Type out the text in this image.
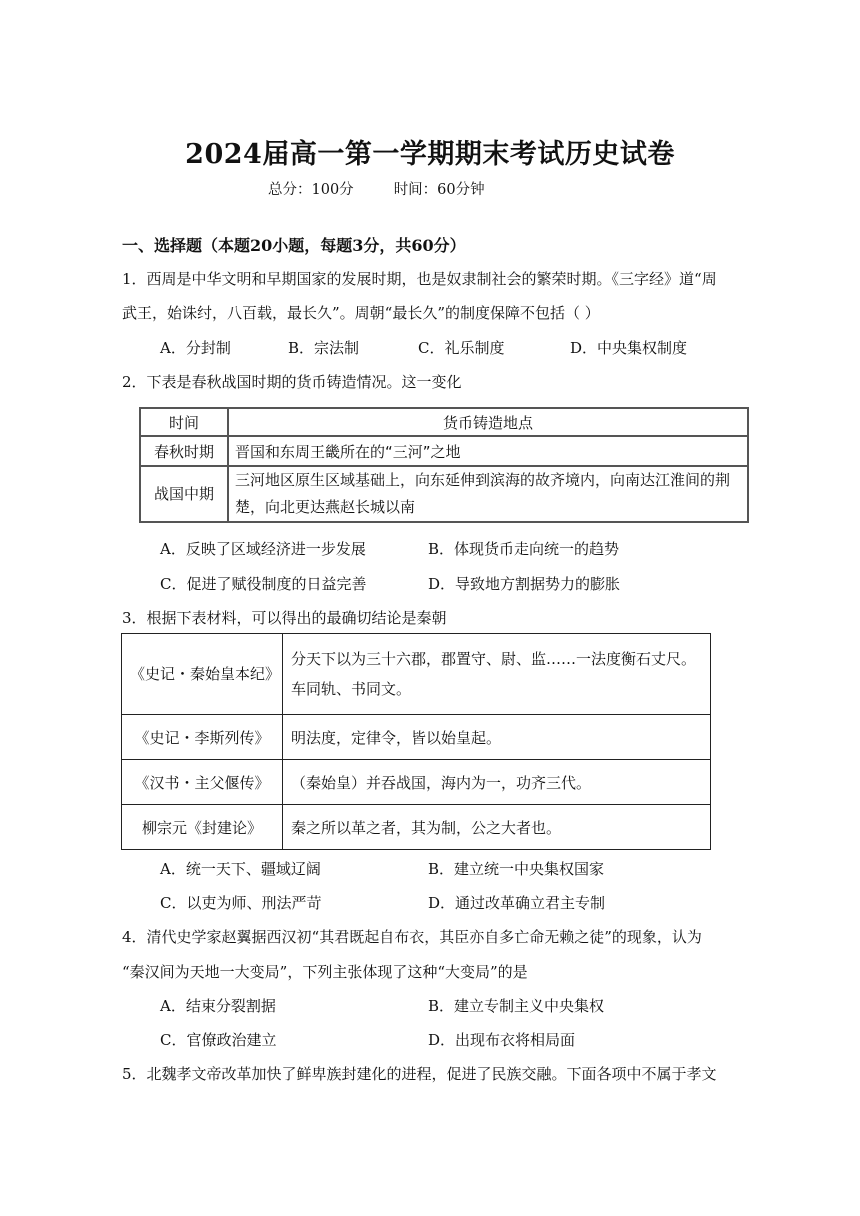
2024届高一第一学期期末考试历史试卷
总分：100分	时间：60分钟
一、选择题（本题20小题，每题3分，共60分）
1．西周是中华文明和早期国家的发展时期，也是奴隶制社会的繁荣时期。《三字经》道“周
武王，始诛纣，八百载，最长久”。周朝“最长久”的制度保障不包括（ ）
A．分封制	B．宗法制	C．礼乐制度	D．中央集权制度
2．下表是春秋战国时期的货币铸造情况。这一变化
时间	货币铸造地点
春秋时期	晋国和东周王畿所在的“三河”之地
战国中期	三河地区原生区域基础上，向东延伸到滨海的故齐境内，向南达江淮间的荆楚，向北更达燕赵长城以南
A．反映了区域经济进一步发展	B．体现货币走向统一的趋势
C．促进了赋役制度的日益完善	D．导致地方割据势力的膨胀
3．根据下表材料，可以得出的最确切结论是秦朝
《史记・秦始皇本纪》	分天下以为三十六郡，郡置守、尉、监……一法度衡石丈尺。车同轨、书同文。
《史记・李斯列传》	明法度，定律令，皆以始皇起。
《汉书・主父偃传》	（秦始皇）并吞战国，海内为一，功齐三代。
柳宗元《封建论》	秦之所以革之者，其为制，公之大者也。
A．统一天下、疆域辽阔	B．建立统一中央集权国家
C．以吏为师、刑法严苛	D．通过改革确立君主专制
4．清代史学家赵翼据西汉初“其君既起自布衣，其臣亦自多亡命无赖之徒”的现象，认为
“秦汉间为天地一大变局”，下列主张体现了这种“大变局”的是
A．结束分裂割据	B．建立专制主义中央集权
C．官僚政治建立	D．出现布衣将相局面
5．北魏孝文帝改革加快了鲜卑族封建化的进程，促进了民族交融。下面各项中不属于孝文
